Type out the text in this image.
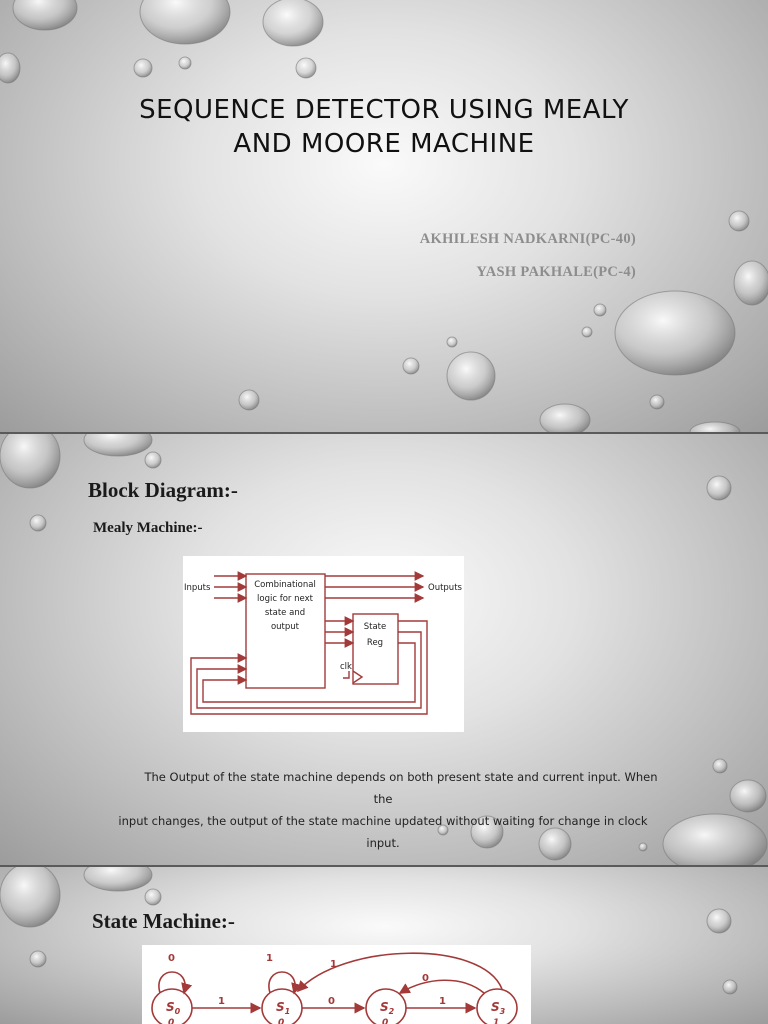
SEQUENCE DETECTOR USING MEALY
AND MOORE MACHINE
AKHILESH NADKARNI(PC-40)
YASH PAKHALE(PC-4)
Block Diagram:-
Mealy Machine:-
Inputs	Outputs
Combinational
logic for next
state and
output	State
Reg
clk
The Output of the state machine depends on both present state and current input. When the
input changes, the output of the state machine updated without waiting for change in clock input.
State Machine:-
$S_0$	$S_1$	$S_2$	$S_3$
0	0	0	1
0	1
1	0	1
0
1
